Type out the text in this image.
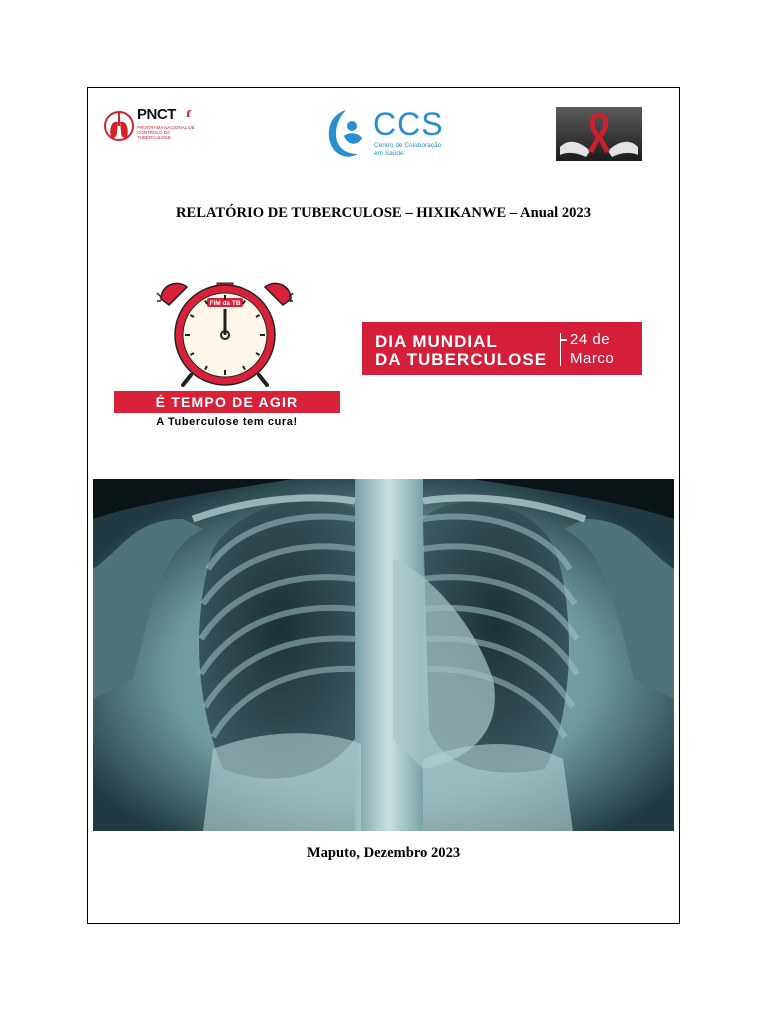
PNCT ɾ
PROGRAMA NACIONAL DE CONTROLO DA TUBERCULOSE	CCS
Centro de Colaboração em Saúde
RELATÓRIO DE TUBERCULOSE – HIXIKANWE – Anual 2023
FIM da TB
É TEMPO DE AGIR
A Tuberculose tem cura!
DIA MUNDIAL
DA TUBERCULOSE
24 de
Marco
Maputo, Dezembro 2023
